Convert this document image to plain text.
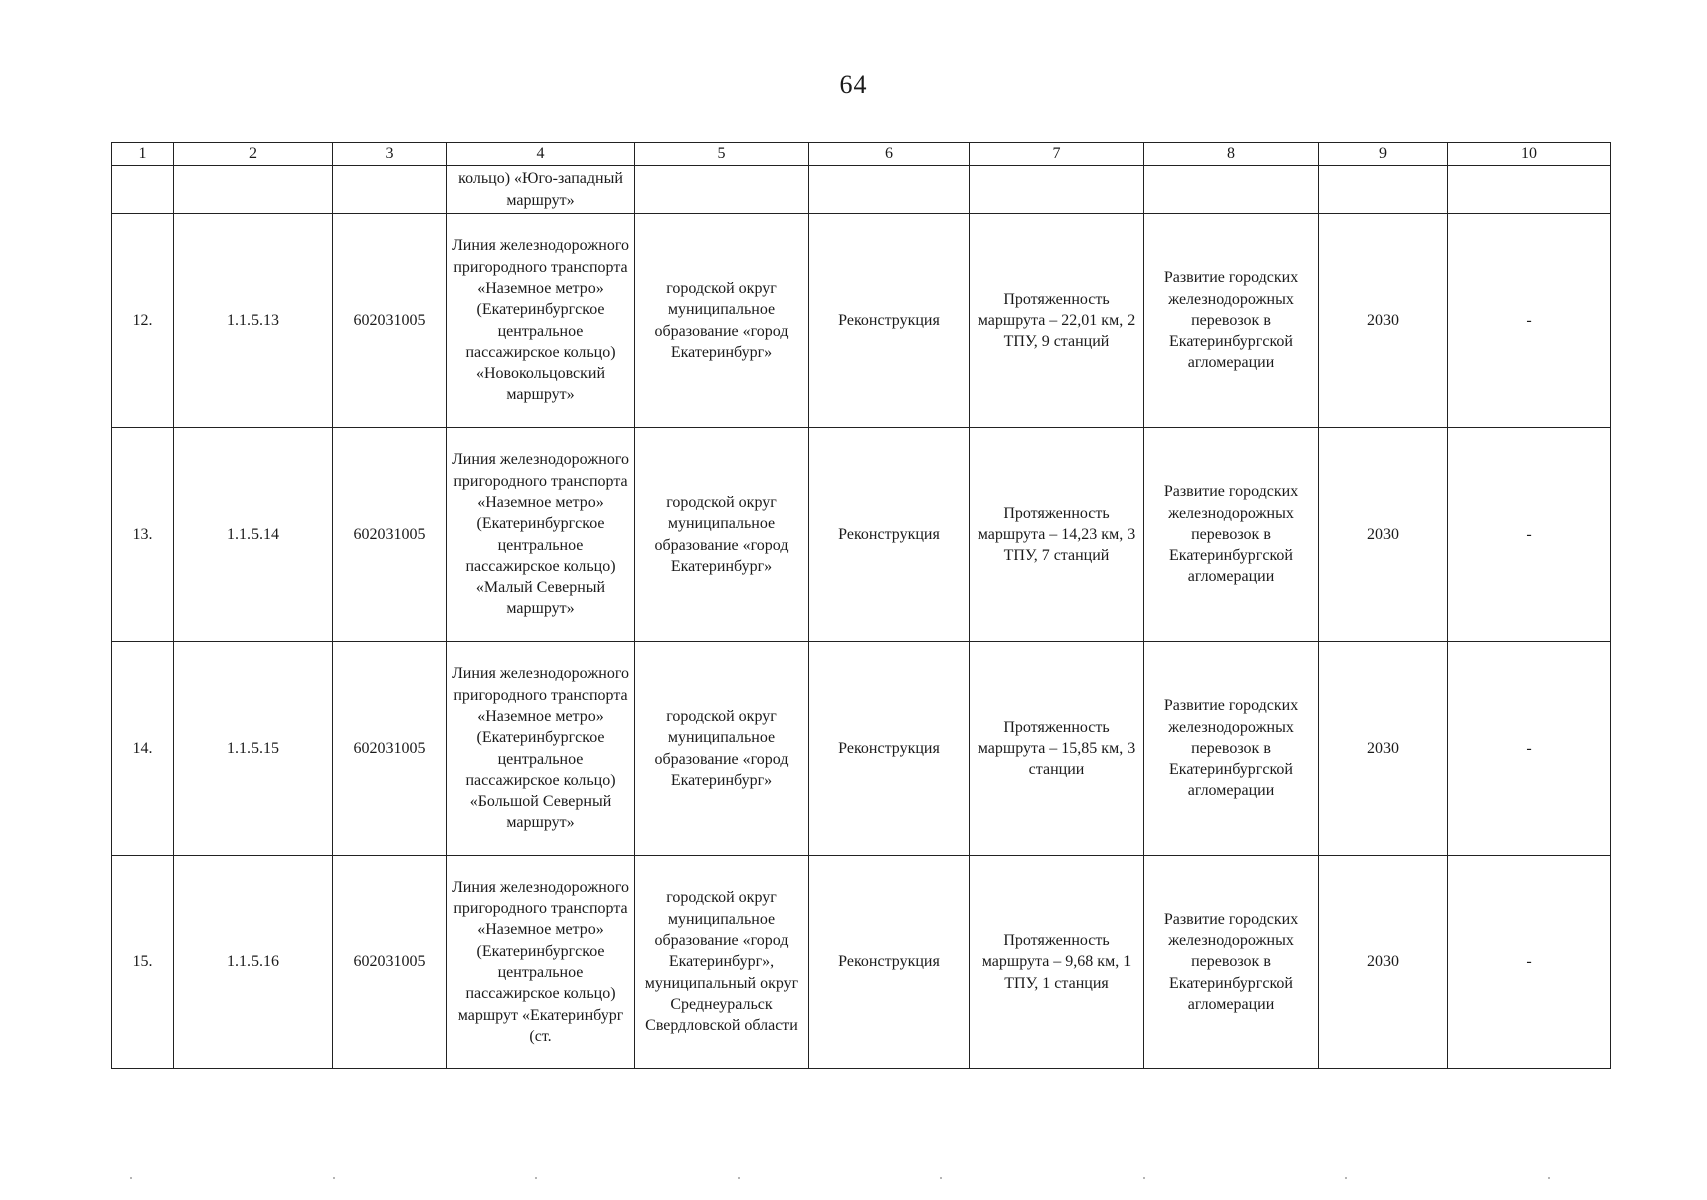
64
1	2	3	4	5	6	7	8	9	10
			кольцо) «Юго-западный маршрут»						
12.	1.1.5.13	602031005	Линия железнодорожного пригородного транспорта «Наземное метро» (Екатеринбургское центральное пассажирское кольцо) «Новокольцовский маршрут»	городской округ муниципальное образование «город Екатеринбург»	Реконструкция	Протяженность маршрута – 22,01 км, 2 ТПУ, 9 станций	Развитие городских железнодорожных перевозок в Екатеринбургской агломерации	2030	-
13.	1.1.5.14	602031005	Линия железнодорожного пригородного транспорта «Наземное метро» (Екатеринбургское центральное пассажирское кольцо) «Малый Северный маршрут»	городской округ муниципальное образование «город Екатеринбург»	Реконструкция	Протяженность маршрута – 14,23 км, 3 ТПУ, 7 станций	Развитие городских железнодорожных перевозок в Екатеринбургской агломерации	2030	-
14.	1.1.5.15	602031005	Линия железнодорожного пригородного транспорта «Наземное метро» (Екатеринбургское центральное пассажирское кольцо) «Большой Северный маршрут»	городской округ муниципальное образование «город Екатеринбург»	Реконструкция	Протяженность маршрута – 15,85 км, 3 станции	Развитие городских железнодорожных перевозок в Екатеринбургской агломерации	2030	-
15.	1.1.5.16	602031005	Линия железнодорожного пригородного транспорта «Наземное метро» (Екатеринбургское центральное пассажирское кольцо) маршрут «Екатеринбург (ст.	городской округ муниципальное образование «город Екатеринбург», муниципальный округ Среднеуральск Свердловской области	Реконструкция	Протяженность маршрута – 9,68 км, 1 ТПУ, 1 станция	Развитие городских железнодорожных перевозок в Екатеринбургской агломерации	2030	-
